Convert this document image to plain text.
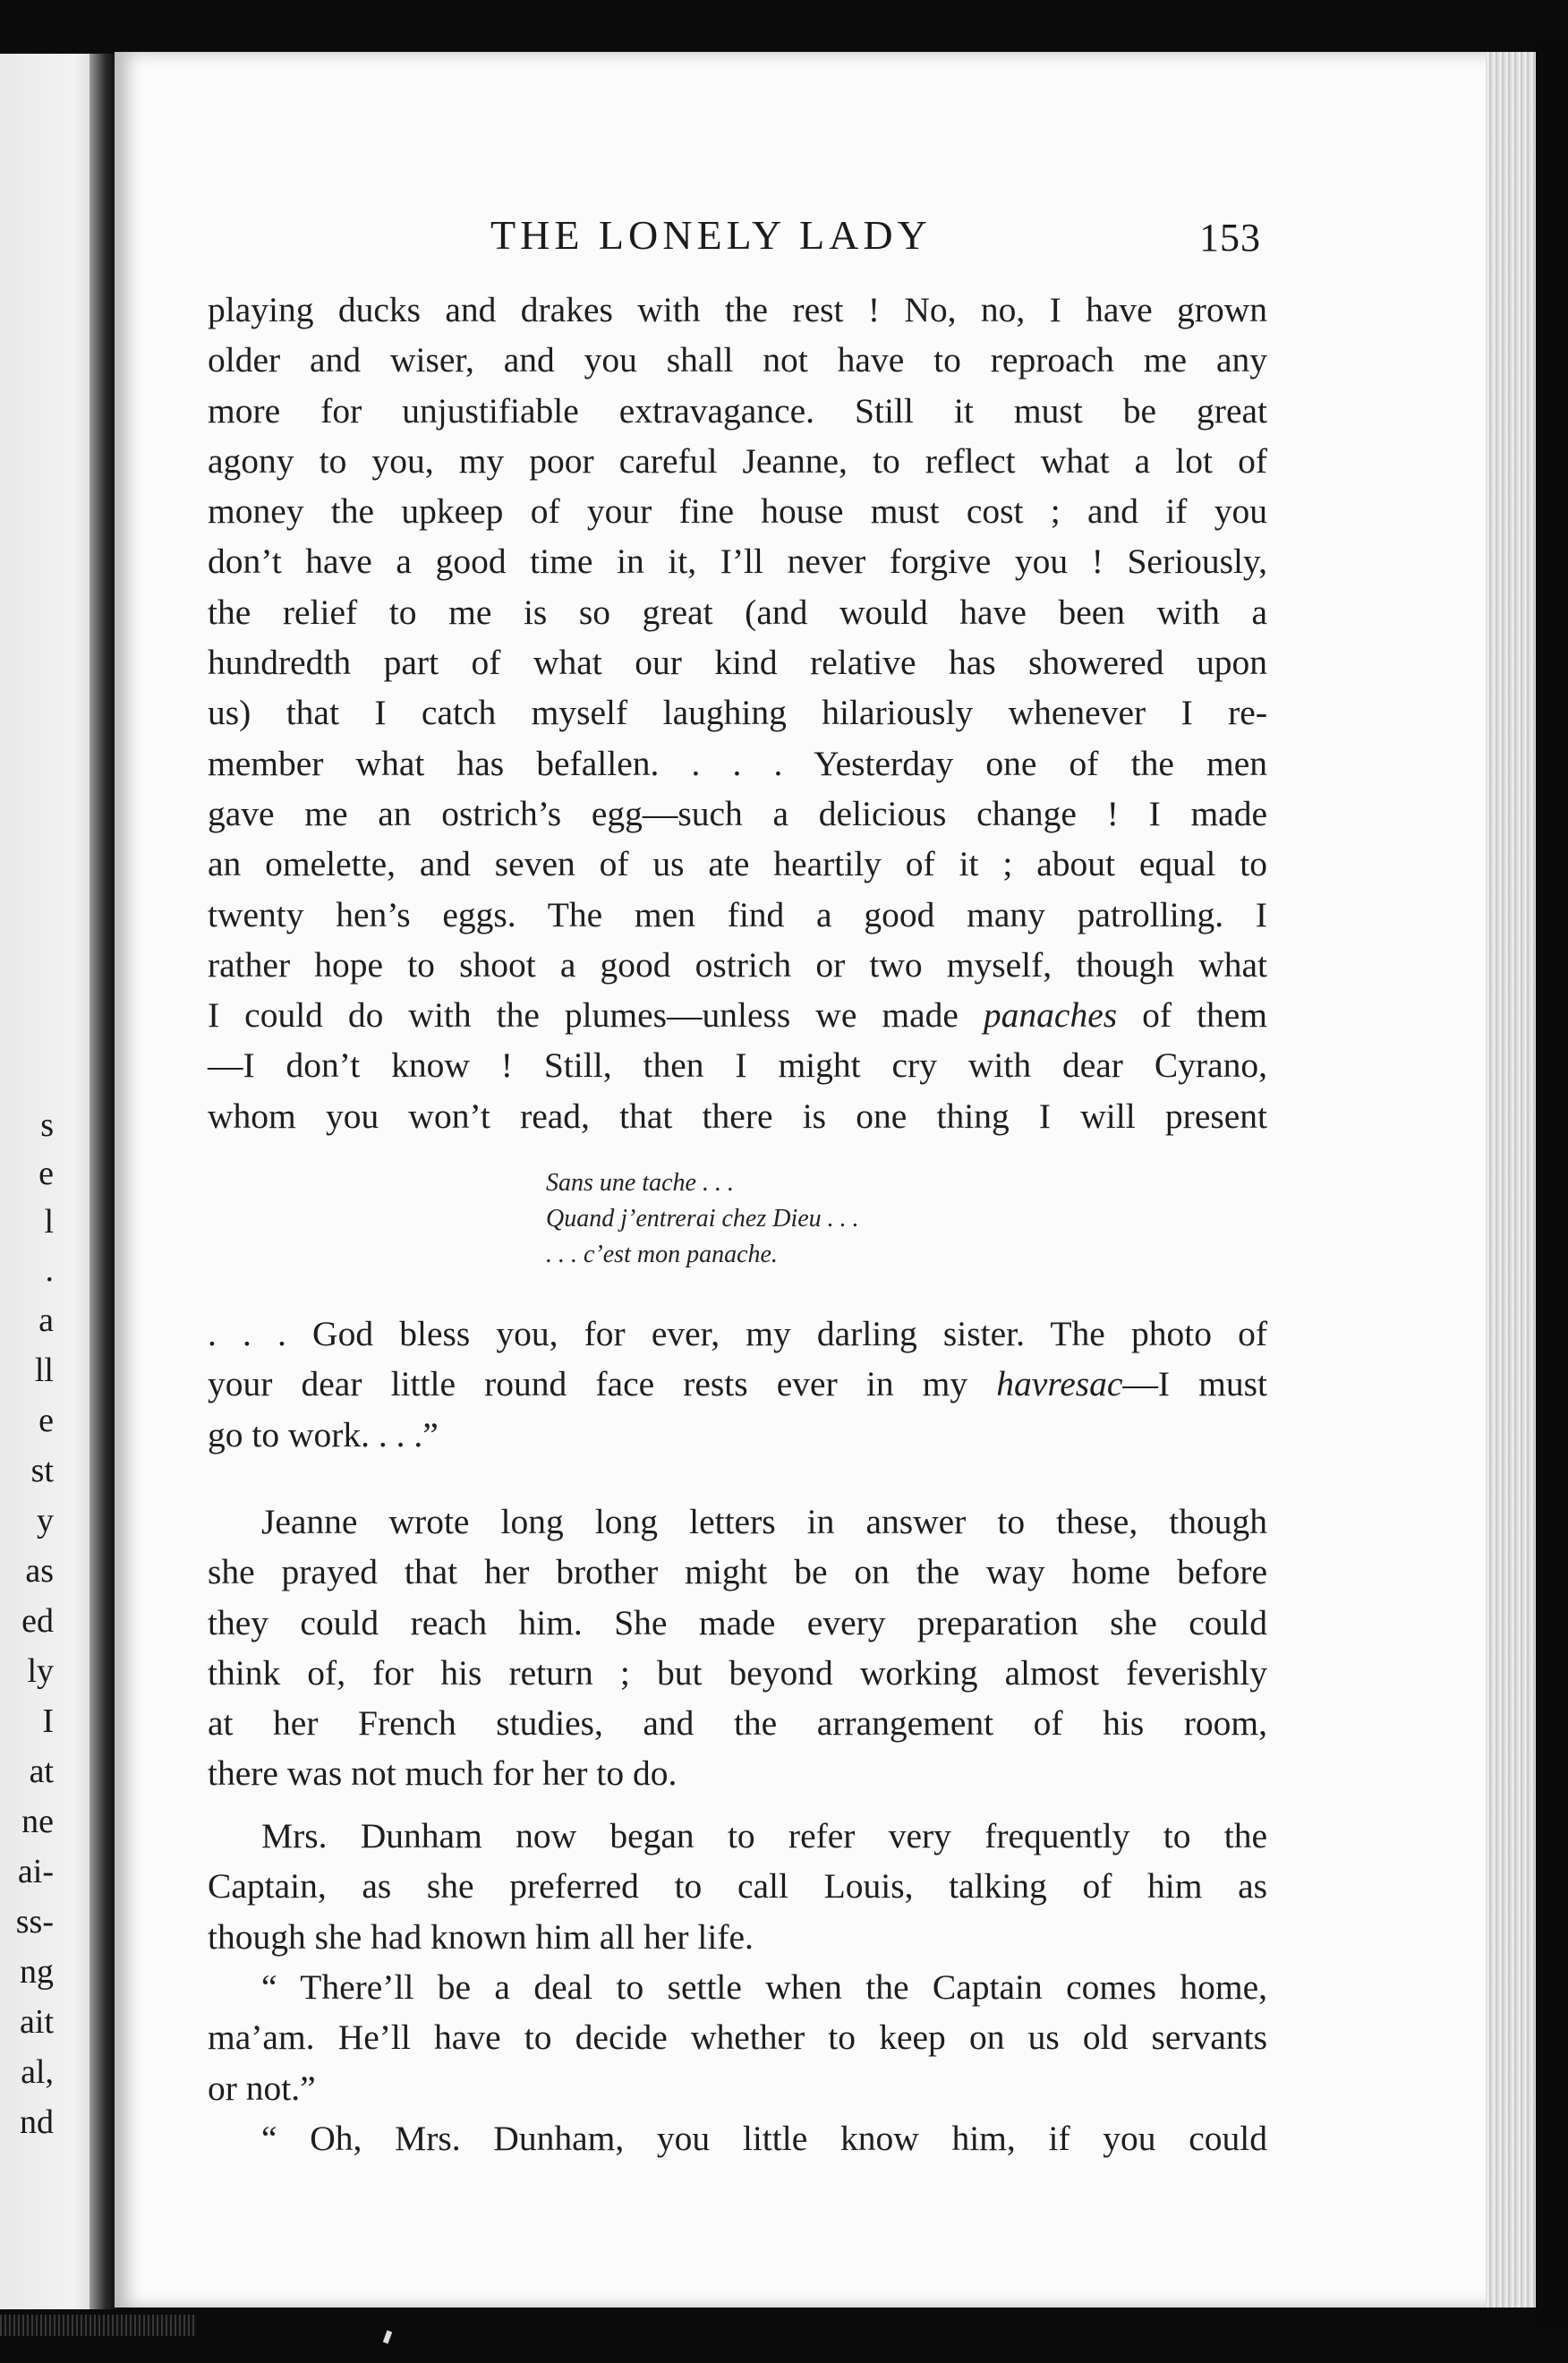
s
e
l
.
a
ll
e
st
y
as
ed
ly
I
at
ne
ai-
ss-
ng
ait
al,
nd
THE LONELY LADY	153
playing ducks and drakes with the rest ! No, no, I have grown
older and wiser, and you shall not have to reproach me any
more for unjustifiable extravagance. Still it must be great
agony to you, my poor careful Jeanne, to reflect what a lot of
money the upkeep of your fine house must cost ; and if you
don’t have a good time in it, I’ll never forgive you ! Seriously,
the relief to me is so great (and would have been with a
hundredth part of what our kind relative has showered upon
us) that I catch myself laughing hilariously whenever I re-
member what has befallen. . . . Yesterday one of the men
gave me an ostrich’s egg—such a delicious change ! I made
an omelette, and seven of us ate heartily of it ; about equal to
twenty hen’s eggs. The men find a good many patrolling. I
rather hope to shoot a good ostrich or two myself, though what
I could do with the plumes—unless we made panaches of them
—I don’t know ! Still, then I might cry with dear Cyrano,
whom you won’t read, that there is one thing I will present
Sans une tache . . .
Quand j’entrerai chez Dieu . . .
. . . c’est mon panache.
. . . God bless you, for ever, my darling sister. The photo of
your dear little round face rests ever in my havresac—I must
go to work. . . .”
Jeanne wrote long long letters in answer to these, though
she prayed that her brother might be on the way home before
they could reach him. She made every preparation she could
think of, for his return ; but beyond working almost feverishly
at her French studies, and the arrangement of his room,
there was not much for her to do.
Mrs. Dunham now began to refer very frequently to the
Captain, as she preferred to call Louis, talking of him as
though she had known him all her life.
“ There’ll be a deal to settle when the Captain comes home,
ma’am. He’ll have to decide whether to keep on us old servants
or not.”
“ Oh, Mrs. Dunham, you little know him, if you could
